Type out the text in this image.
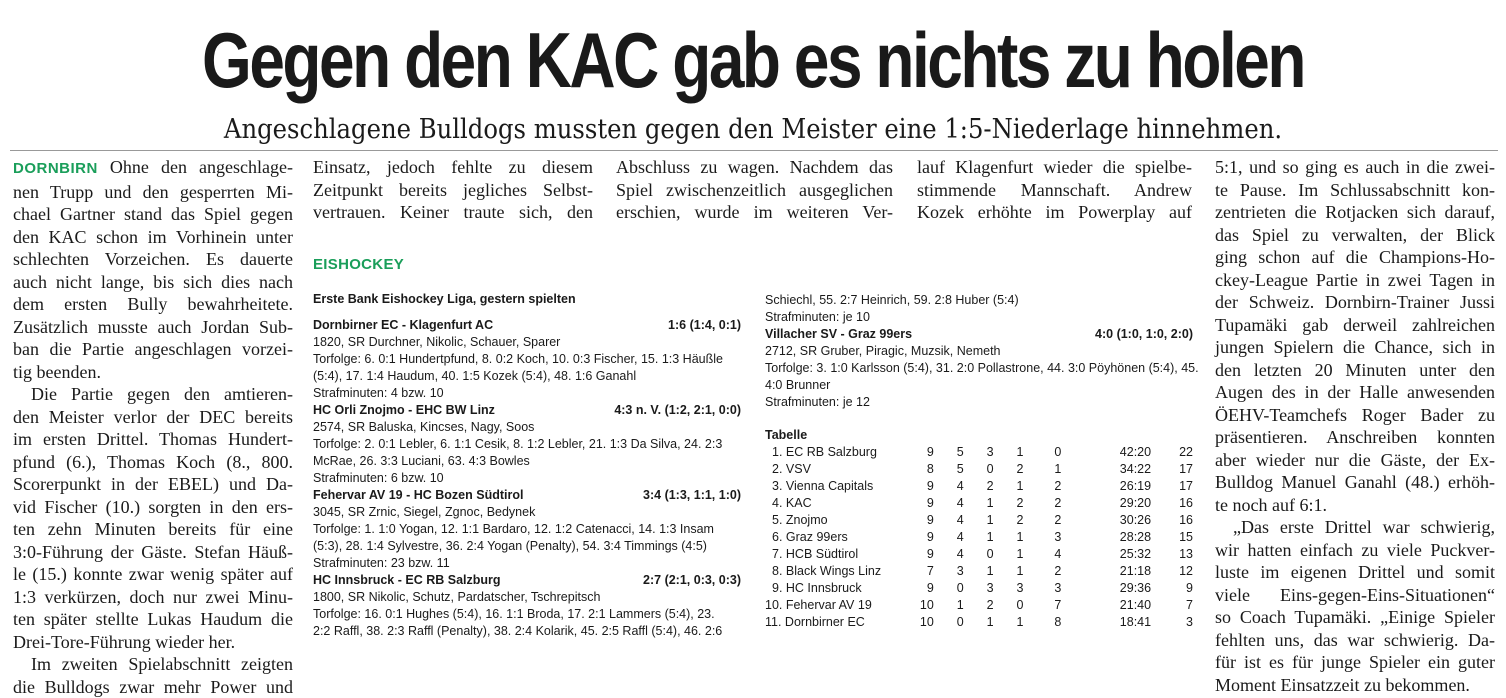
Gegen den KAC gab es nichts zu holen
Angeschlagene Bulldogs mussten gegen den Meister eine 1:5-Niederlage hinnehmen.
DORNBIRN Ohne den angeschlage-
nen Trupp und den gesperrten Mi-
chael Gartner stand das Spiel gegen
den KAC schon im Vorhinein unter
schlechten Vorzeichen. Es dauerte
auch nicht lange, bis sich dies nach
dem ersten Bully bewahrheitete.
Zusätzlich musste auch Jordan Sub-
ban die Partie angeschlagen vorzei-
tig beenden.
Die Partie gegen den amtieren-
den Meister verlor der DEC bereits
im ersten Drittel. Thomas Hundert-
pfund (6.), Thomas Koch (8., 800.
Scorerpunkt in der EBEL) und Da-
vid Fischer (10.) sorgten in den ers-
ten zehn Minuten bereits für eine
3:0-Führung der Gäste. Stefan Häuß-
le (15.) konnte zwar wenig später auf
1:3 verkürzen, doch nur zwei Minu-
ten später stellte Lukas Haudum die
Drei-Tore-Führung wieder her.
Im zweiten Spielabschnitt zeigten
die Bulldogs zwar mehr Power und
Einsatz, jedoch fehlte zu diesem
Zeitpunkt bereits jegliches Selbst-
vertrauen. Keiner traute sich, den
Abschluss zu wagen. Nachdem das
Spiel zwischenzeitlich ausgeglichen
erschien, wurde im weiteren Ver-
lauf Klagenfurt wieder die spielbe-
stimmende Mannschaft. Andrew
Kozek erhöhte im Powerplay auf
5:1, und so ging es auch in die zwei-
te Pause. Im Schlussabschnitt kon-
zentrieten die Rotjacken sich darauf,
das Spiel zu verwalten, der Blick
ging schon auf die Champions-Ho-
ckey-League Partie in zwei Tagen in
der Schweiz. Dornbirn-Trainer Jussi
Tupamäki gab derweil zahlreichen
jungen Spielern die Chance, sich in
den letzten 20 Minuten unter den
Augen des in der Halle anwesenden
ÖEHV-Teamchefs Roger Bader zu
präsentieren. Anschreiben konnten
aber wieder nur die Gäste, der Ex-
Bulldog Manuel Ganahl (48.) erhöh-
te noch auf 6:1.
„Das erste Drittel war schwierig,
wir hatten einfach zu viele Puckver-
luste im eigenen Drittel und somit
viele Eins-gegen-Eins-Situationen“
so Coach Tupamäki. „Einige Spieler
fehlten uns, das war schwierig. Da-
für ist es für junge Spieler ein guter
Moment Einsatzzeit zu bekommen.
EISHOCKEY
Erste Bank Eishockey Liga, gestern spielten
Dornbirner EC - Klagenfurt AC	1:6 (1:4, 0:1)
1820, SR Durchner, Nikolic, Schauer, Sparer
Torfolge: 6. 0:1 Hundertpfund, 8. 0:2 Koch, 10. 0:3 Fischer, 15. 1:3 Häußle
(5:4), 17. 1:4 Haudum, 40. 1:5 Kozek (5:4), 48. 1:6 Ganahl
Strafminuten: 4 bzw. 10
HC Orli Znojmo - EHC BW Linz	4:3 n. V. (1:2, 2:1, 0:0)
2574, SR Baluska, Kincses, Nagy, Soos
Torfolge: 2. 0:1 Lebler, 6. 1:1 Cesik, 8. 1:2 Lebler, 21. 1:3 Da Silva, 24. 2:3
McRae, 26. 3:3 Luciani, 63. 4:3 Bowles
Strafminuten: 6 bzw. 10
Fehervar AV 19 - HC Bozen Südtirol	3:4 (1:3, 1:1, 1:0)
3045, SR Zrnic, Siegel, Zgnoc, Bedynek
Torfolge: 1. 1:0 Yogan, 12. 1:1 Bardaro, 12. 1:2 Catenacci, 14. 1:3 Insam
(5:3), 28. 1:4 Sylvestre, 36. 2:4 Yogan (Penalty), 54. 3:4 Timmings (4:5)
Strafminuten: 23 bzw. 11
HC Innsbruck - EC RB Salzburg	2:7 (2:1, 0:3, 0:3)
1800, SR Nikolic, Schutz, Pardatscher, Tschrepitsch
Torfolge: 16. 0:1 Hughes (5:4), 16. 1:1 Broda, 17. 2:1 Lammers (5:4), 23.
2:2 Raffl, 38. 2:3 Raffl (Penalty), 38. 2:4 Kolarik, 45. 2:5 Raffl (5:4), 46. 2:6
Schiechl, 55. 2:7 Heinrich, 59. 2:8 Huber (5:4)
Strafminuten: je 10
Villacher SV - Graz 99ers	4:0 (1:0, 1:0, 2:0)
2712, SR Gruber, Piragic, Muzsik, Nemeth
Torfolge: 3. 1:0 Karlsson (5:4), 31. 2:0 Pollastrone, 44. 3:0 Pöyhönen (5:4), 45.
4:0 Brunner
Strafminuten: je 12
Tabelle
1. EC RB Salzburg	9	5	3	1	0	42:20	22
2. VSV	8	5	0	2	1	34:22	17
3. Vienna Capitals	9	4	2	1	2	26:19	17
4. KAC	9	4	1	2	2	29:20	16
5. Znojmo	9	4	1	2	2	30:26	16
6. Graz 99ers	9	4	1	1	3	28:28	15
7. HCB Südtirol	9	4	0	1	4	25:32	13
8. Black Wings Linz	7	3	1	1	2	21:18	12
9. HC Innsbruck	9	0	3	3	3	29:36	9
10. Fehervar AV 19	10	1	2	0	7	21:40	7
11. Dornbirner EC	10	0	1	1	8	18:41	3
